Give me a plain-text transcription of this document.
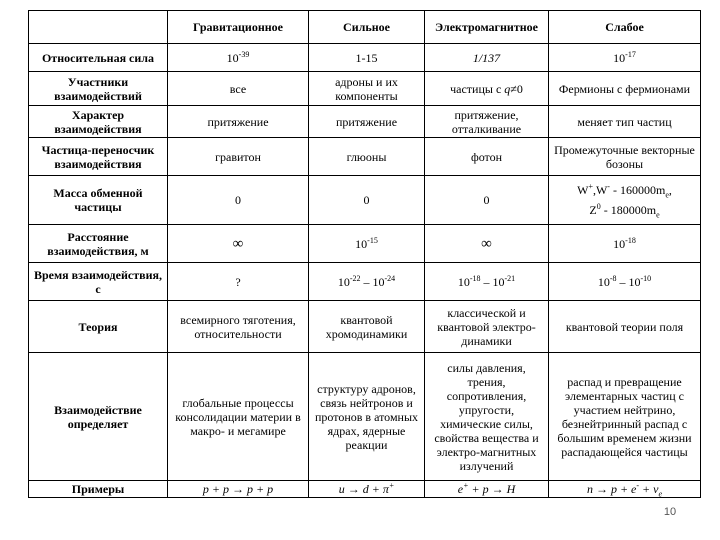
	Гравитационное	Сильное	Электромагнитное	Слабое
Относительная сила	$10^{-39}$	1-15	1/137	$10^{-17}$
Участники взаимодействий	все	адроны и их компоненты	частицы с q≠0	Фермионы с фермионами
Характер взаимодействия	притяжение	притяжение	притяжение, отталкивание	меняет тип частиц
Частица-переносчик взаимодействия	гравитон	глюоны	фотон	Промежуточные векторные бозоны
Масса обменной частицы	0	0	0	$W^+,W^- - 160000m_e$,
$Z^0 - 180000m_e$
Расстояние взаимодействия, м	∞	$10^{-15}$	∞	$10^{-18}$
Время взаимодействия, с	?	$10^{-22} - 10^{-24}$	$10^{-18} - 10^{-21}$	$10^{-8} - 10^{-10}$
Теория	всемирного тяготения, относительности	квантовой хромодинамики	классической и квантовой электро-динамики	квантовой теории поля
Взаимодействие определяет	глобальные процессы консолидации материи в макро- и мегамире	структуру адронов, связь нейтронов и протонов в атомных ядрах, ядерные реакции	силы давления, трения, сопротивления, упругости, химические силы, свойства вещества и электро-магнитных излучений	распад и превращение элементарных частиц с участием нейтрино, безнейтринный распад с большим временем жизни распадающейся частицы
Примеры	p + p → p + p	u → d + π+	e+ + p → H	$n \to p + e^- + \nu_e$
10
